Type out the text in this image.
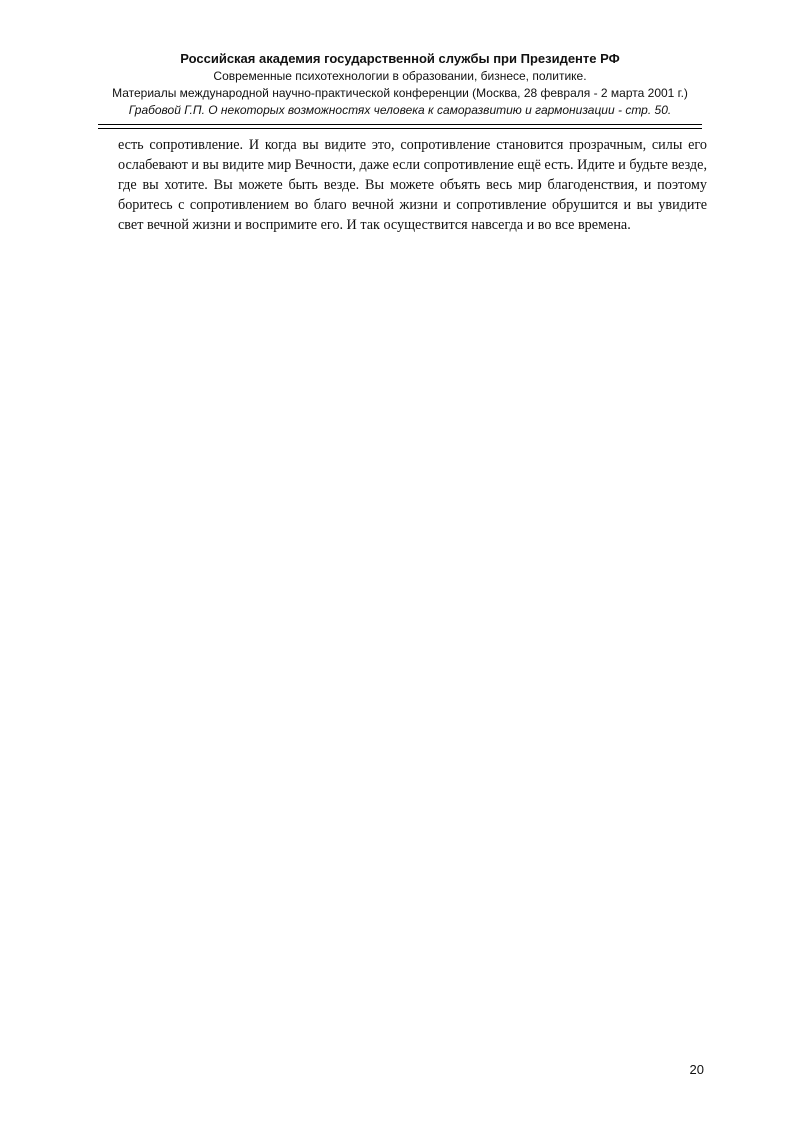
Российская академия государственной службы при Президенте РФ
Современные психотехнологии в образовании, бизнесе, политике.
Материалы международной научно-практической конференции (Москва, 28 февраля - 2 марта 2001 г.)
Грабовой Г.П. О некоторых возможностях человека к саморазвитию и гармонизации - стр. 50.

есть сопротивление. И когда вы видите это, сопротивление становится прозрачным, силы его ослабевают и вы видите мир Вечности, даже если сопротивление ещё есть. Идите и будьте везде, где вы хотите. Вы можете быть везде. Вы можете объять весь мир благоденствия, и поэтому боритесь с сопротивлением во благо вечной жизни и сопротивление обрушится и вы увидите свет вечной жизни и воспримите его. И так осуществится навсегда и во все времена.

20
